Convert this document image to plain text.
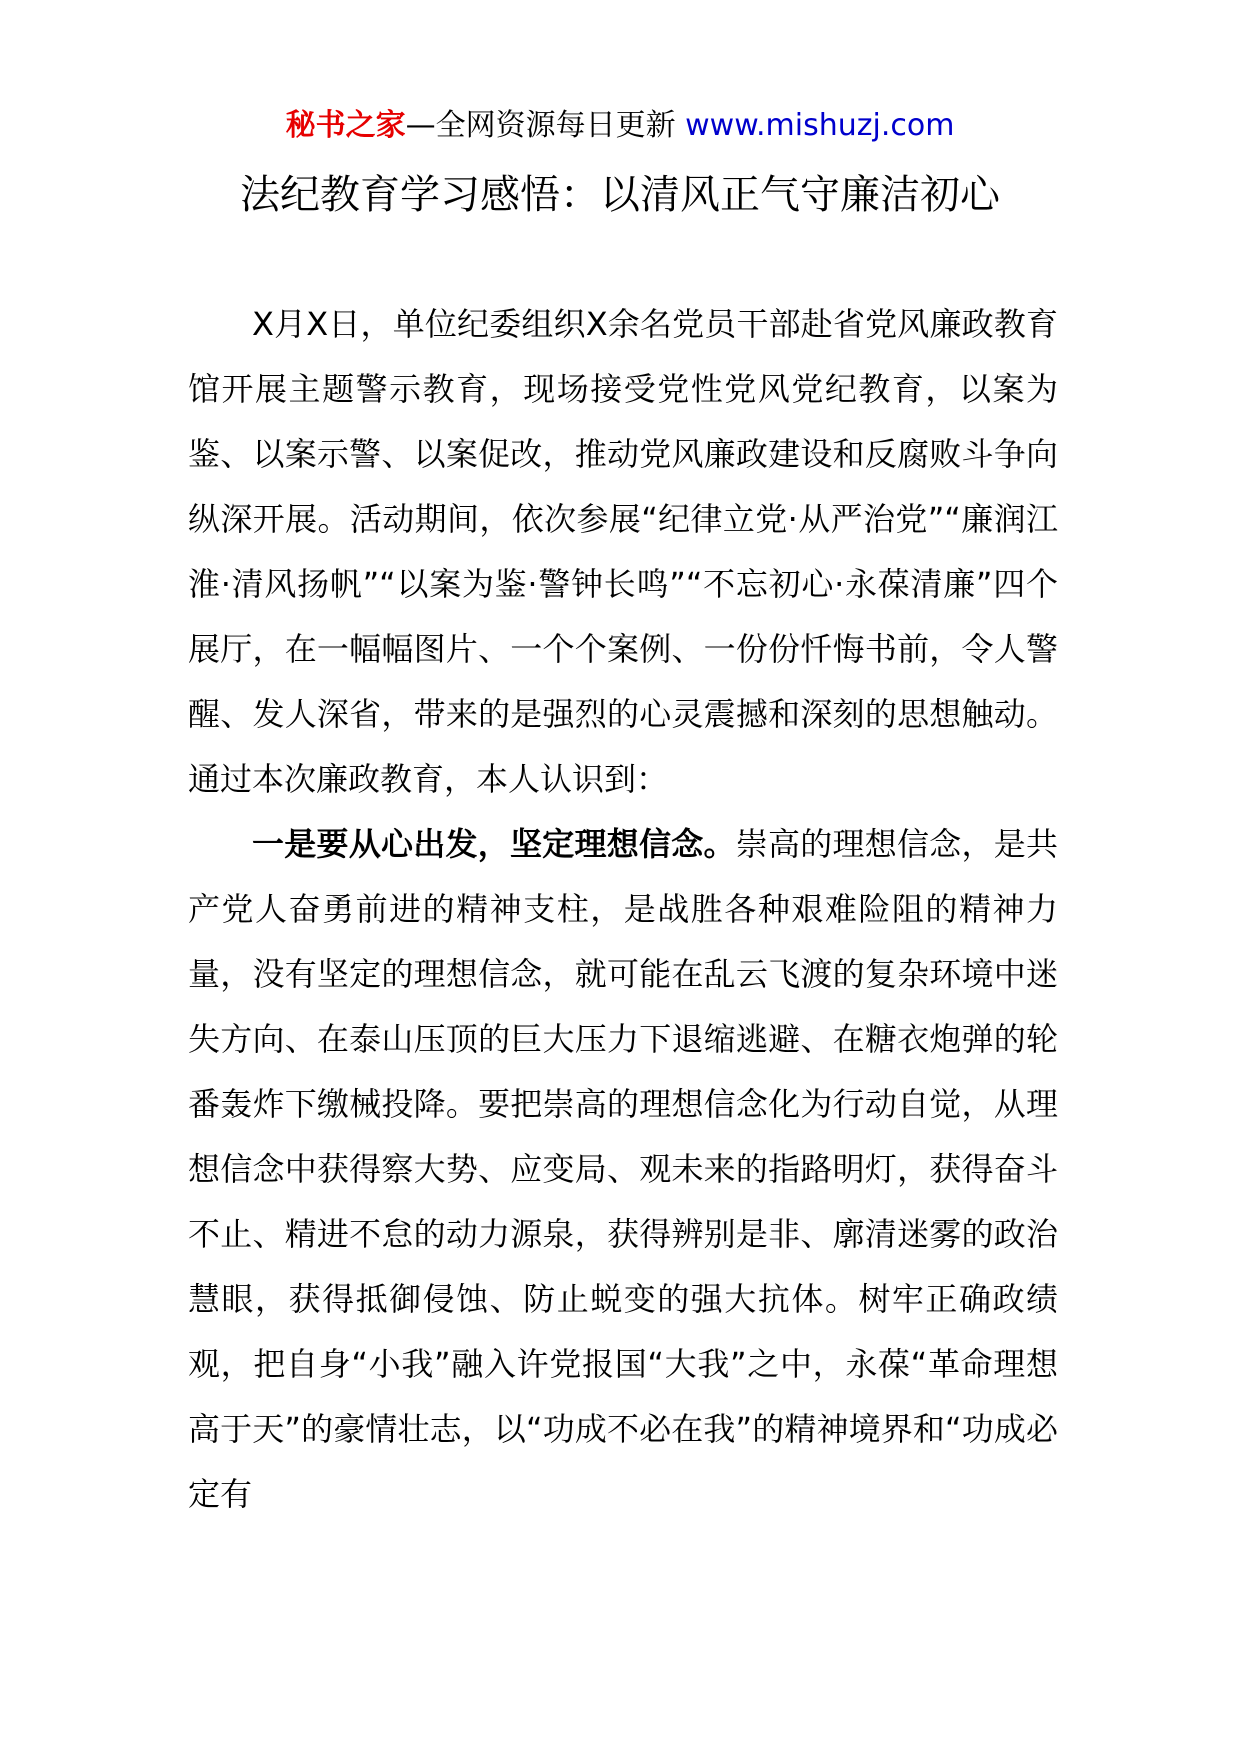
秘书之家—全网资源每日更新 www.mishuzj.com
法纪教育学习感悟：以清风正气守廉洁初心

X月X日，单位纪委组织X余名党员干部赴省党风廉政教育馆开展主题警示教育，现场接受党性党风党纪教育，以案为鉴、以案示警、以案促改，推动党风廉政建设和反腐败斗争向纵深开展。活动期间，依次参展“纪律立党·从严治党”“廉润江淮·清风扬帆”“以案为鉴·警钟长鸣”“不忘初心·永葆清廉”四个展厅，在一幅幅图片、一个个案例、一份份忏悔书前，令人警醒、发人深省，带来的是强烈的心灵震撼和深刻的思想触动。通过本次廉政教育，本人认识到：

一是要从心出发，坚定理想信念。崇高的理想信念，是共产党人奋勇前进的精神支柱，是战胜各种艰难险阻的精神力量，没有坚定的理想信念，就可能在乱云飞渡的复杂环境中迷失方向、在泰山压顶的巨大压力下退缩逃避、在糖衣炮弹的轮番轰炸下缴械投降。要把崇高的理想信念化为行动自觉，从理想信念中获得察大势、应变局、观未来的指路明灯，获得奋斗不止、精进不怠的动力源泉，获得辨别是非、廓清迷雾的政治慧眼，获得抵御侵蚀、防止蜕变的强大抗体。树牢正确政绩观，把自身“小我”融入许党报国“大我”之中，永葆“革命理想高于天”的豪情壮志，以“功成不必在我”的精神境界和“功成必定有
